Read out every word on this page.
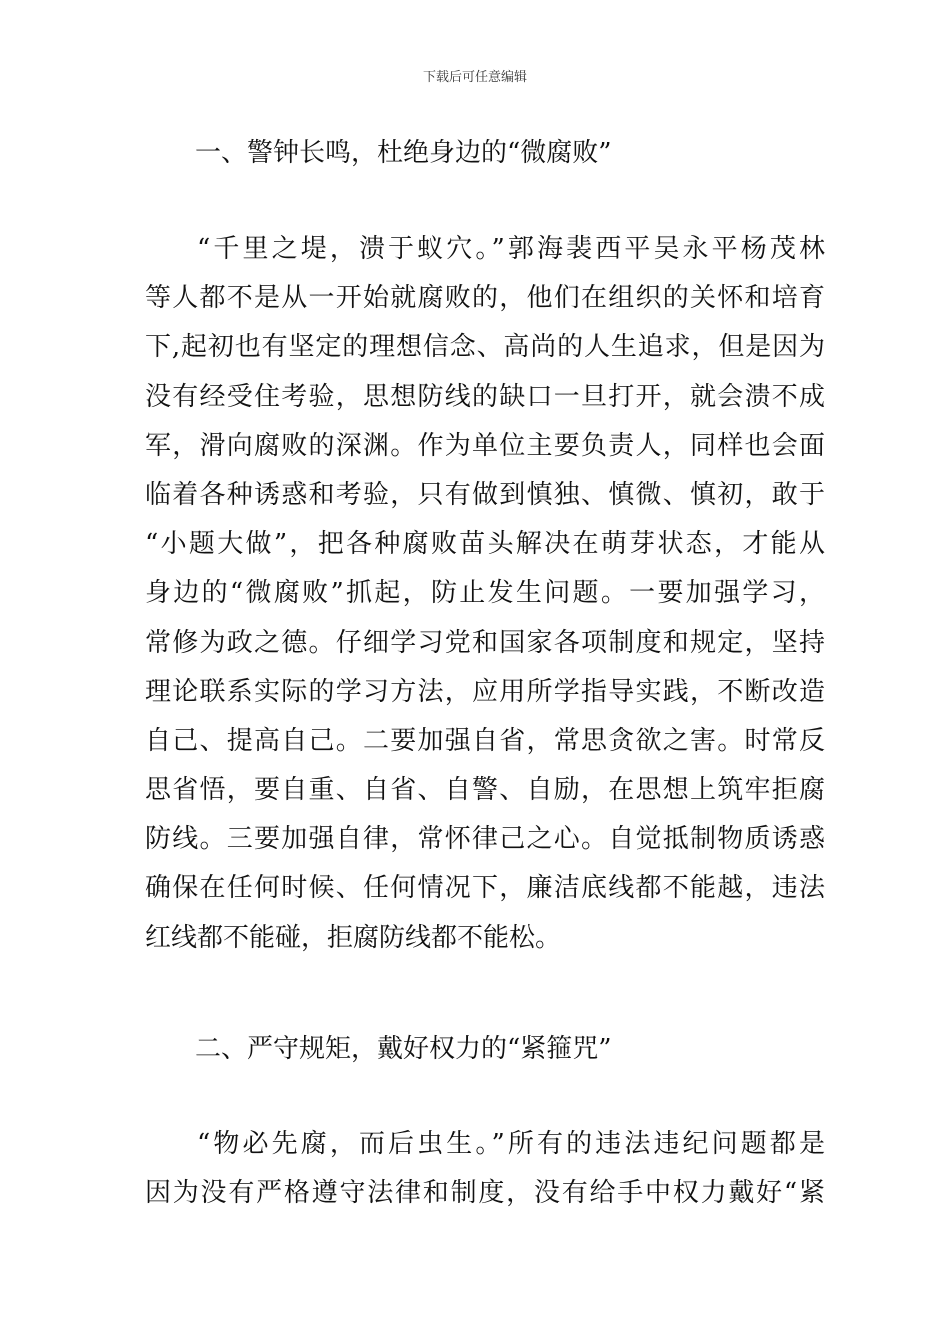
下载后可任意编辑
一、警钟长鸣，杜绝身边的“微腐败”
“千里之堤，溃于蚁穴。”郭海裴西平吴永平杨茂林
等人都不是从一开始就腐败的，他们在组织的关怀和培育
下,起初也有坚定的理想信念、高尚的人生追求，但是因为
没有经受住考验，思想防线的缺口一旦打开，就会溃不成
军，滑向腐败的深渊。作为单位主要负责人，同样也会面
临着各种诱惑和考验，只有做到慎独、慎微、慎初，敢于
“小题大做”，把各种腐败苗头解决在萌芽状态，才能从
身边的“微腐败”抓起，防止发生问题。一要加强学习，
常修为政之德。仔细学习党和国家各项制度和规定，坚持
理论联系实际的学习方法，应用所学指导实践，不断改造
自己、提高自己。二要加强自省，常思贪欲之害。时常反
思省悟，要自重、自省、自警、自励，在思想上筑牢拒腐
防线。三要加强自律，常怀律己之心。自觉抵制物质诱惑
确保在任何时候、任何情况下，廉洁底线都不能越，违法
红线都不能碰，拒腐防线都不能松。
二、严守规矩，戴好权力的“紧箍咒”
“物必先腐，而后虫生。”所有的违法违纪问题都是
因为没有严格遵守法律和制度，没有给手中权力戴好“紧
